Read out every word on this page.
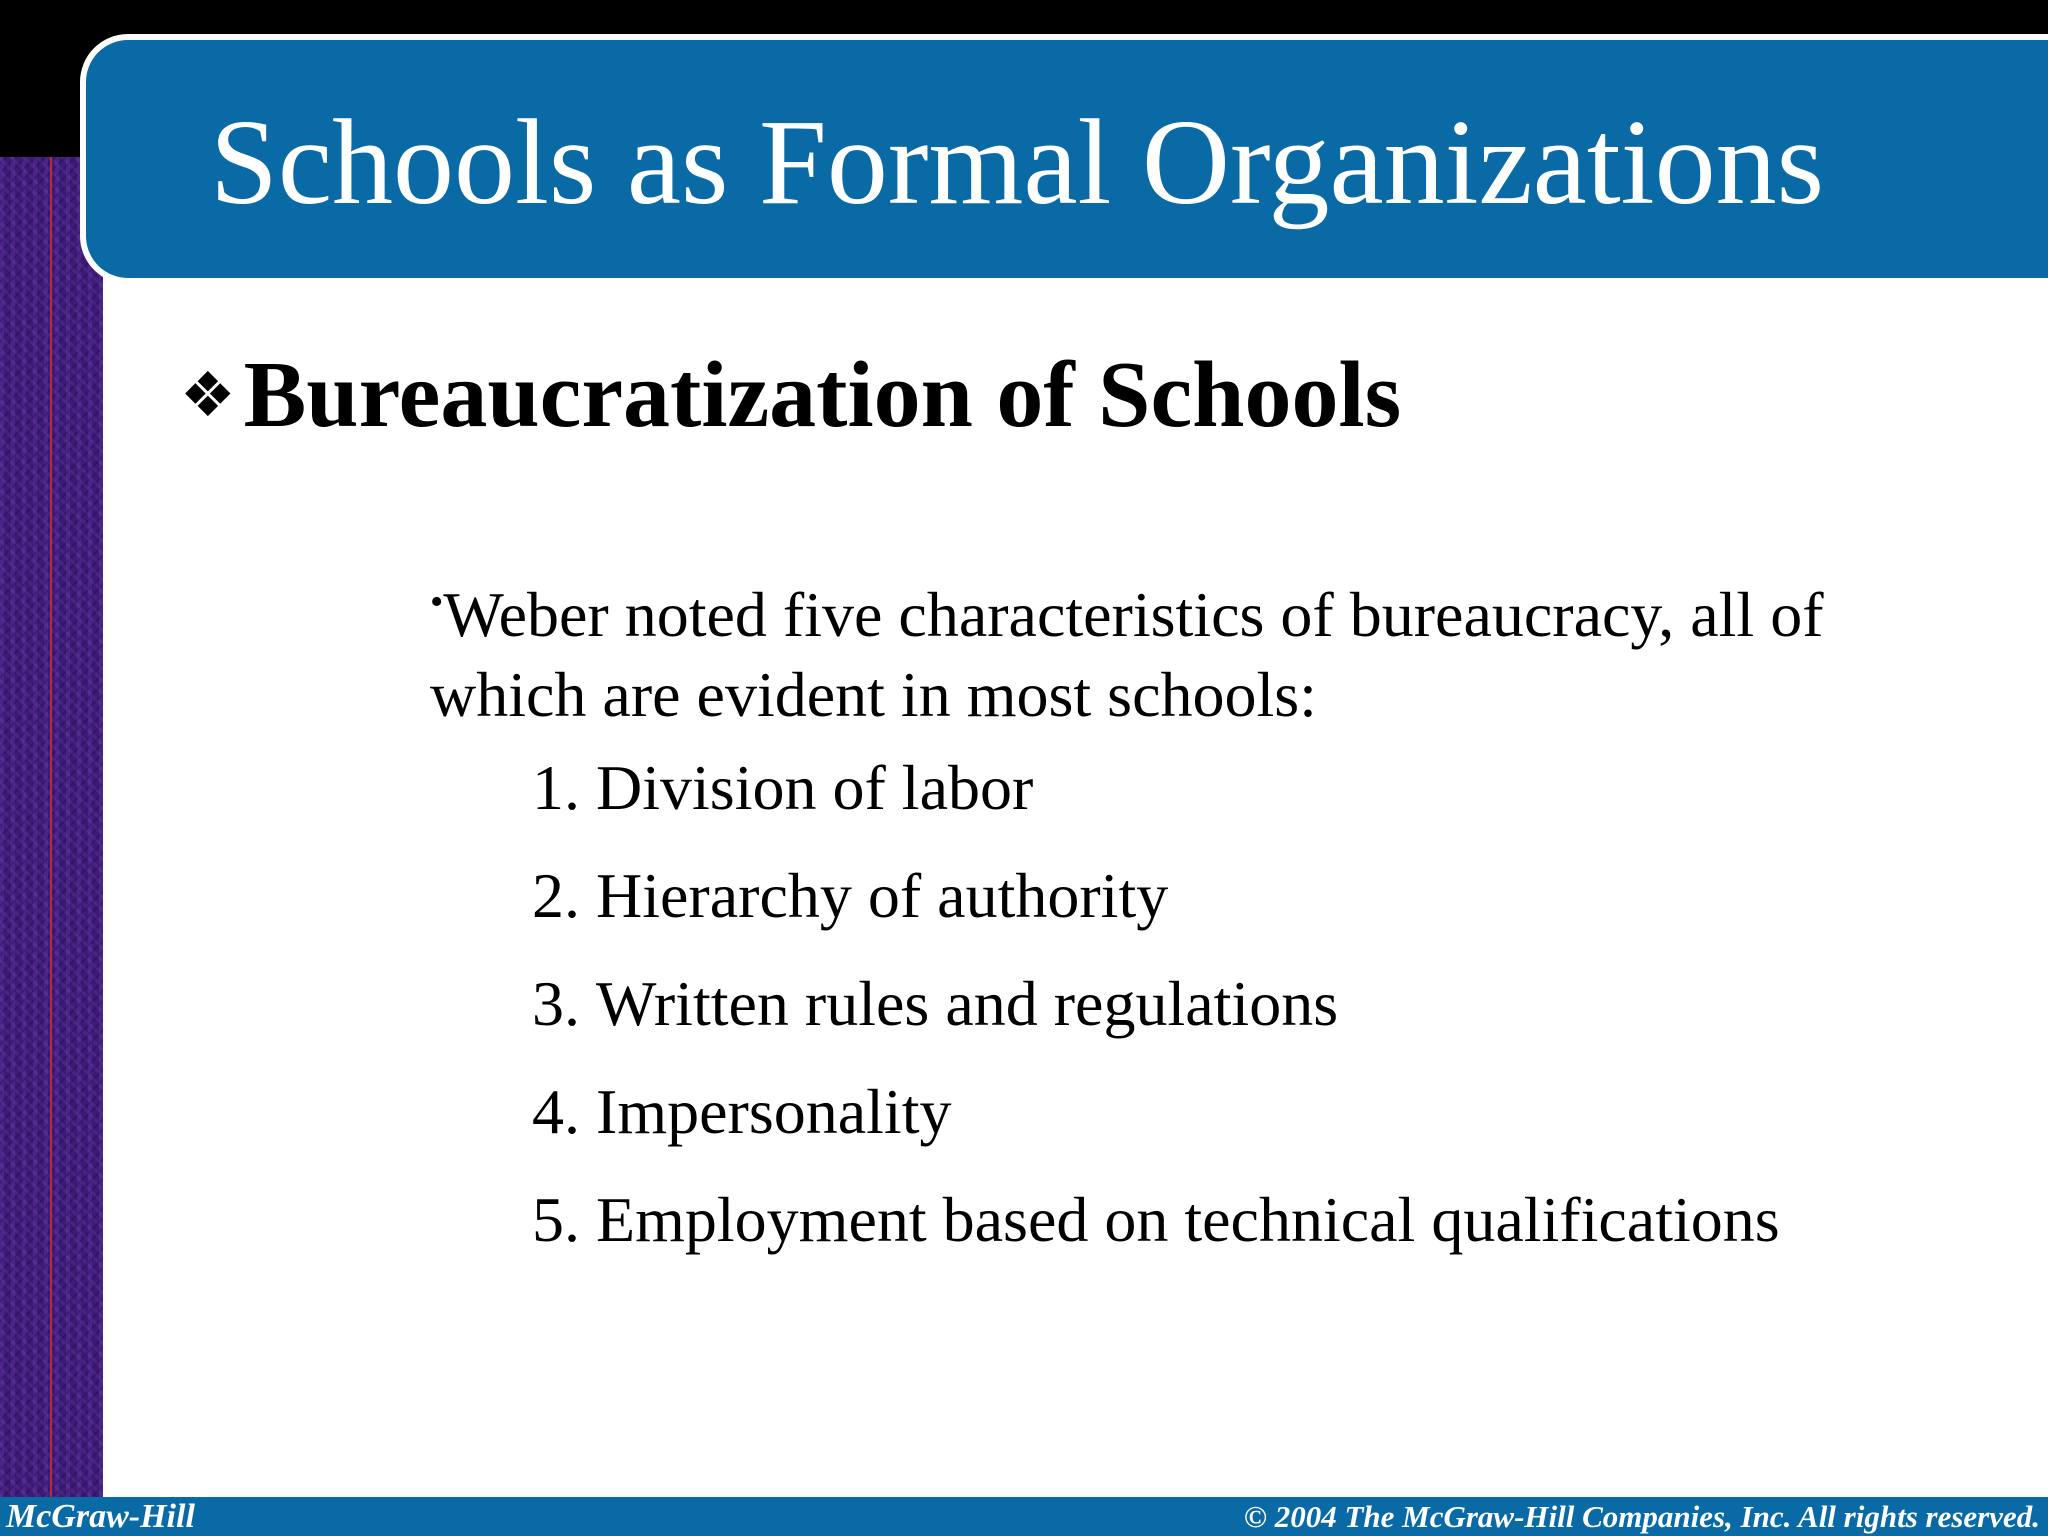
Schools as Formal Organizations
❖ Bureaucratization of Schools
•Weber noted five characteristics of bureaucracy, all of which are evident in most schools:
1. Division of labor
2. Hierarchy of authority
3. Written rules and regulations
4. Impersonality
5. Employment based on technical qualifications
McGraw-Hill	© 2004 The McGraw-Hill Companies, Inc. All rights reserved.
